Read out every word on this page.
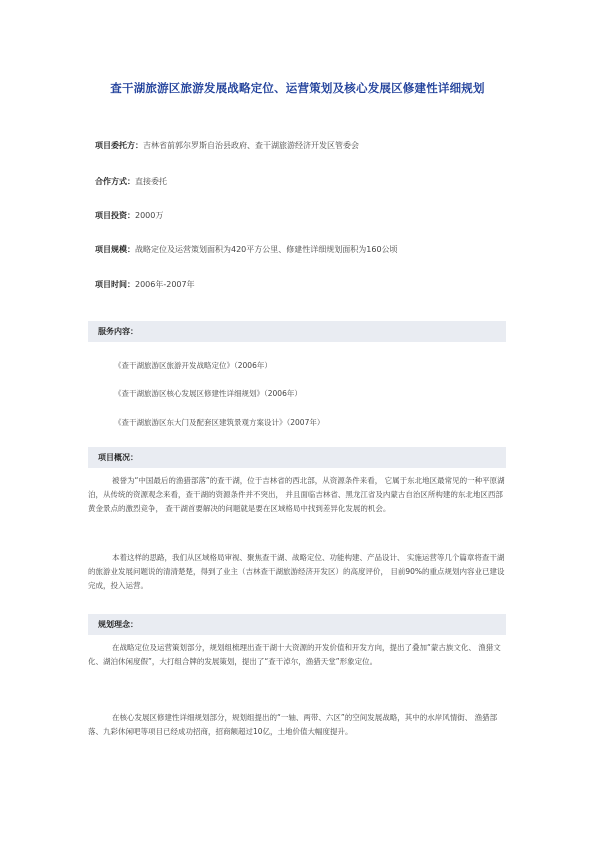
查干湖旅游区旅游发展战略定位、运营策划及核心发展区修建性详细规划
项目委托方：吉林省前郭尔罗斯自治县政府、查干湖旅游经济开发区管委会
合作方式：直接委托
项目投资：2000万
项目规模：战略定位及运营策划面积为420平方公里、修建性详细规划面积为160公顷
项目时间：2006年-2007年
服务内容：
《查干湖旅游区旅游开发战略定位》（2006年）
《查干湖旅游区核心发展区修建性详细规划》（2006年）
《查干湖旅游区东大门及配套区建筑景观方案设计》（2007年）
项目概况：

被誉为“中国最后的渔猎部落”的查干湖，位于吉林省的西北部，从资源条件来看， 它属于东北地区最常见的一种平原湖泊，从传统的资源观念来看，查干湖的资源条件并不突出， 并且面临吉林省、黑龙江省及内蒙古自治区所构建的东北地区西部黄金景点的激烈竞争， 查干湖首要解决的问题就是要在区域格局中找到差异化发展的机会。

本着这样的思路，我们从区域格局审视、聚焦查干湖、战略定位、功能构建、产品设计、 实施运营等几个篇章将查干湖的旅游业发展问题说的清清楚楚，得到了业主（吉林查干湖旅游经济开发区）的高度评价， 目前90%的重点规划内容业已建设完成，投入运营。

规划理念：

在战略定位及运营策划部分，规划组梳理出查干湖十大资源的开发价值和开发方向，提出了叠加“蒙古族文化、 渔猎文化、湖泊休闲度假”，大打组合牌的发展策划，提出了“查干淖尔，渔猎天堂”形象定位。

在核心发展区修建性详细规划部分，规划组提出的“一轴、两带、六区”的空间发展战略，其中的水岸风情街、 渔猎部落、九彩休闲吧等项目已经成功招商，招商额超过10亿，土地价值大幅度提升。
